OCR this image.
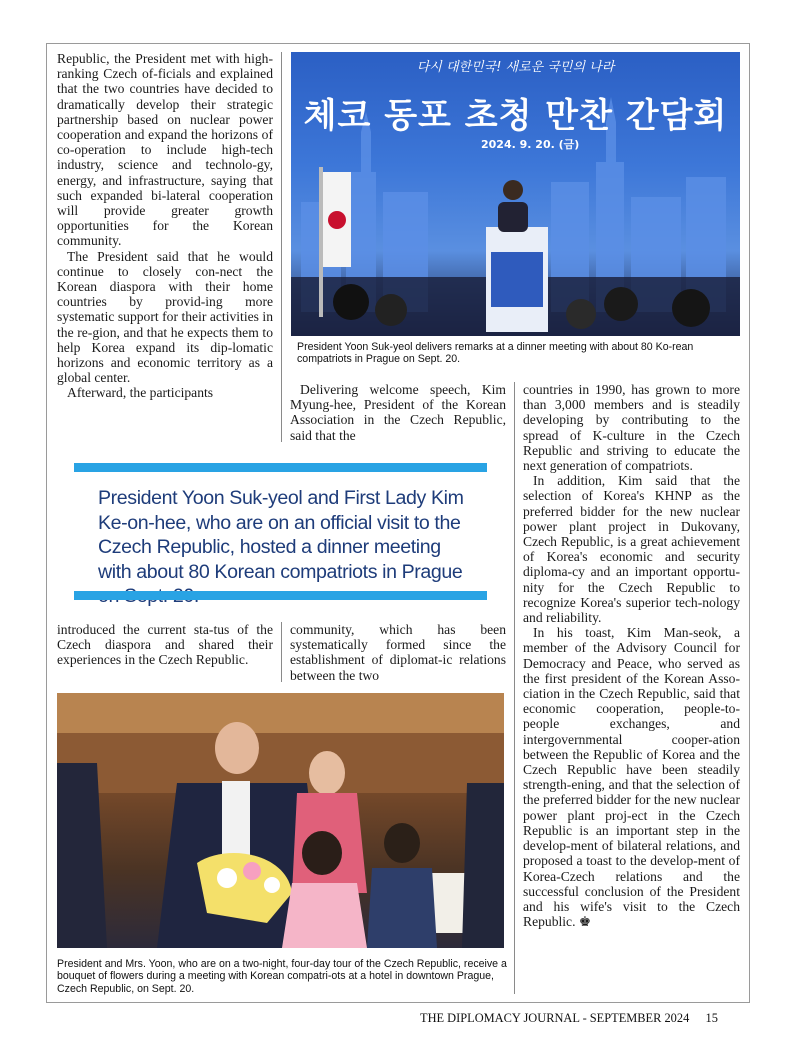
Republic, the President met with high-ranking Czech of-ficials and explained that the two countries have decided to dramatically develop their strategic partnership based on nuclear power cooperation and expand the horizons of co-operation to include high-tech industry, science and technolo-gy, energy, and infrastructure, saying that such expanded bi-lateral cooperation will provide greater growth opportunities for the Korean community.

The President said that he would continue to closely con-nect the Korean diaspora with their home countries by provid-ing more systematic support for their activities in the re-gion, and that he expects them to help Korea expand its dip-lomatic horizons and economic territory as a global center.

Afterward, the participants

다시 대한민국! 새로운 국민의 나라
체코 동포 초청 만찬 간담회
2024. 9. 20. (금)
President Yoon Suk-yeol delivers remarks at a dinner meeting with about 80 Ko-rean compatriots in Prague on Sept. 20.
Delivering welcome speech, Kim Myung-hee, President of the Korean Association in the Czech Republic, said that the

countries in 1990, has grown to more than 3,000 members and is steadily developing by contributing to the spread of K-culture in the Czech Republic and striving to educate the next generation of compatriots.

In addition, Kim said that the selection of Korea's KHNP as the preferred bidder for the new nuclear power plant project in Dukovany, Czech Republic, is a great achievement of Korea's economic and security diploma-cy and an important opportu-nity for the Czech Republic to recognize Korea's superior tech-nology and reliability.

In his toast, Kim Man-seok, a member of the Advisory Council for Democracy and Peace, who served as the first president of the Korean Asso-ciation in the Czech Republic, said that economic cooperation, people-to-people exchanges, and intergovernmental cooper-ation between the Republic of Korea and the Czech Republic have been steadily strength-ening, and that the selection of the preferred bidder for the new nuclear power plant proj-ect in the Czech Republic is an important step in the develop-ment of bilateral relations, and proposed a toast to the develop-ment of Korea-Czech relations and the successful conclusion of the President and his wife's visit to the Czech Republic. ♚

President Yoon Suk-yeol and First Lady Kim Ke-on-hee, who are on an official visit to the Czech Republic, hosted a dinner meeting with about 80 Korean compatriots in Prague
introduced the current sta-tus of the Czech diaspora and shared their experiences in the Czech Republic.
community, which has been systematically formed since the establishment of diplomat-ic relations between the two
President and Mrs. Yoon, who are on a two-night, four-day tour of the Czech Republic, receive a bouquet of flowers during a meeting with Korean compatri-ots at a hotel in downtown Prague, Czech Republic, on Sept. 20.
THE DIPLOMACY JOURNAL - SEPTEMBER 2024 15
